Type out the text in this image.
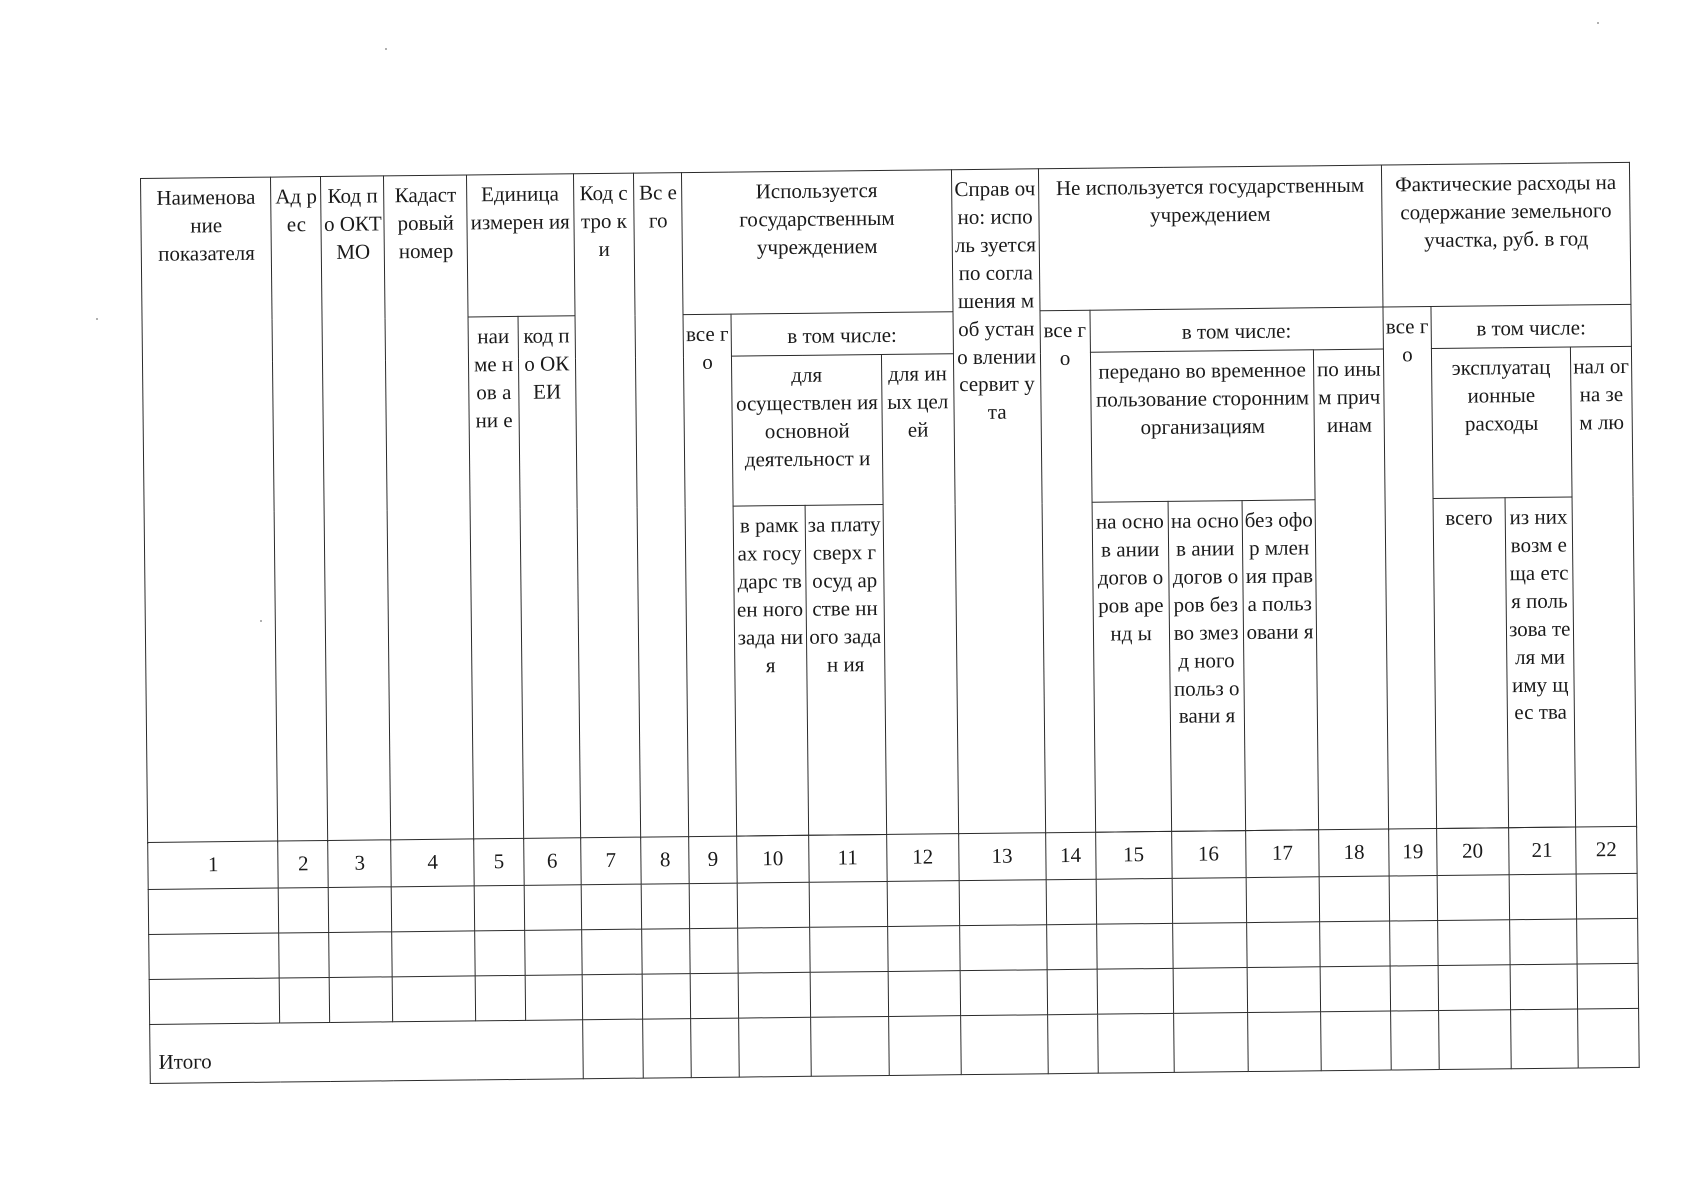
Наименова ние показателя	Ад рес	Код по ОКТ МО	Кадаст ровый номер	Единица измерен ия		Код стро ки	Вс его	Используется государственным учреждением				Справ очно: исполь зуется по согла шения м об устано влении сервит ута	Не используется государственным учреждением					Фактические расходы на содержание земельного участка, руб. в год			
				наи ме нов ани е	код по ОК ЕИ			все го	в том числе:				все го	в том числе:				все го	в том числе:		
									для осуществлен ия основной деятельност и		для иных целей			передано во временное пользование сторонним организациям			по иным прич инам		эксплуатац ионные расходы		нал ог на зем лю
									в рамк ах госу дарс твен ного зада ния	за плату сверх госуд арстве нного задан ия				на основ ании догов оров аренд ы	на основ ании догов оров безво змезд ного польз овани я	без офор млен ия права польз овани я			всего	из них возм еща ется поль зова теля ми иму щес тва	

1	2	3	4	5	6	7	8	9	10	11	12	13	14	15	16	17	18	19	20	21	22

Итого																					
